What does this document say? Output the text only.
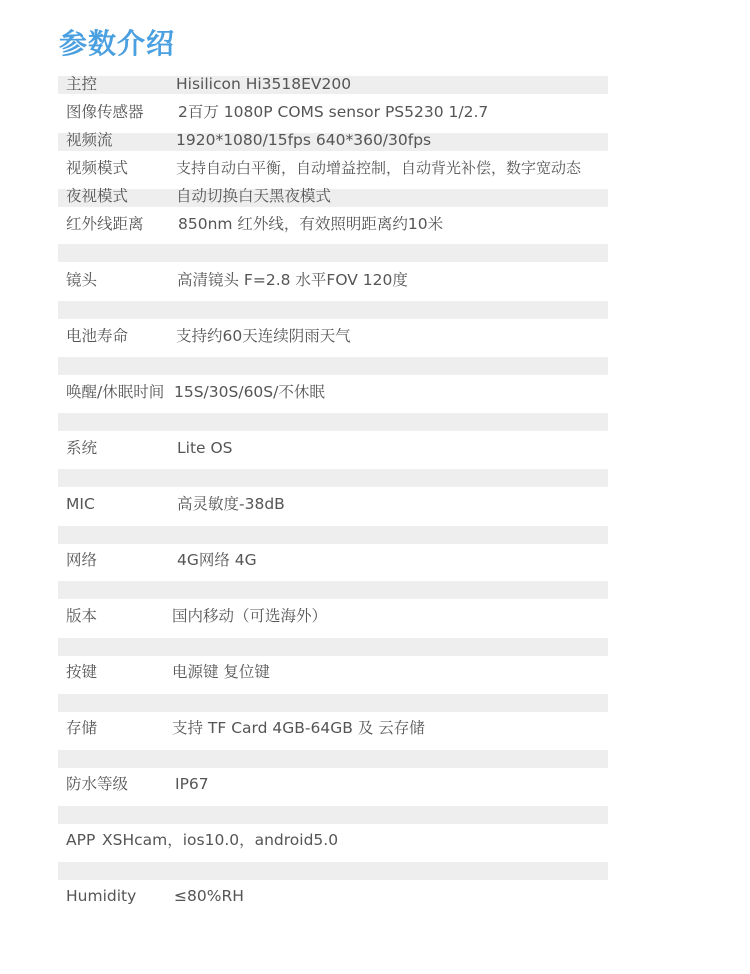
参数介绍
主控	Hisilicon Hi3518EV200
图像传感器 2百万 1080P COMS sensor PS5230 1/2.7
视频流	1920*1080/15fps 640*360/30fps
视频模式	支持自动白平衡，自动增益控制，自动背光补偿，数字宽动态
夜视模式	自动切换白天黑夜模式
红外线距离 850nm 红外线，有效照明距离约10米
镜头	高清镜头 F=2.8 水平FOV 120度
电池寿命	支持约60天连续阴雨天气
唤醒/休眠时间 15S/30S/60S/不休眠
系统	Lite OS
MIC	高灵敏度-38dB
网络	4G网络 4G
版本	国内移动（可选海外）
按键	电源键 复位键
存储	支持 TF Card 4GB-64GB 及 云存储
防水等级	IP67
APP XSHcam，ios10.0，android5.0
Humidity ≤80%RH
